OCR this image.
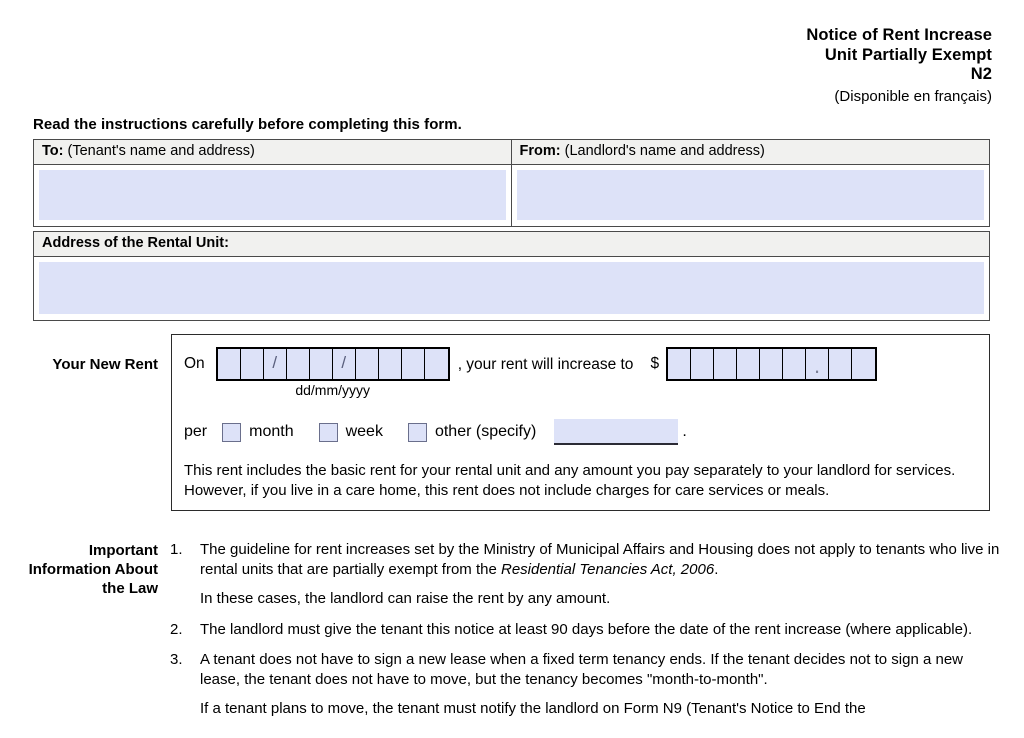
Notice of Rent Increase
Unit Partially Exempt
N2
(Disponible en français)
Read the instructions carefully before completing this form.
To: (Tenant's name and address)	From: (Landlord's name and address)
Address of the Rental Unit:
Your New Rent On	/	/
dd/mm/yyyy
, your rent will increase to $	·
per	month	week	other (specify)	.
This rent includes the basic rent for your rental unit and any amount you pay separately to your landlord for services. However, if you live in a care home, this rent does not include charges for care services or meals.
Important Information About the Law
1.	The guideline for rent increases set by the Ministry of Municipal Affairs and Housing does not apply to tenants who live in rental units that are partially exempt from the Residential Tenancies Act, 2006.

In these cases, the landlord can raise the rent by any amount.

2.	The landlord must give the tenant this notice at least 90 days before the date of the rent increase (where applicable).

3.	A tenant does not have to sign a new lease when a fixed term tenancy ends. If the tenant decides not to sign a new lease, the tenant does not have to move, but the tenancy becomes "month-to-month".

If a tenant plans to move, the tenant must notify the landlord on Form N9 (Tenant's Notice to End the
